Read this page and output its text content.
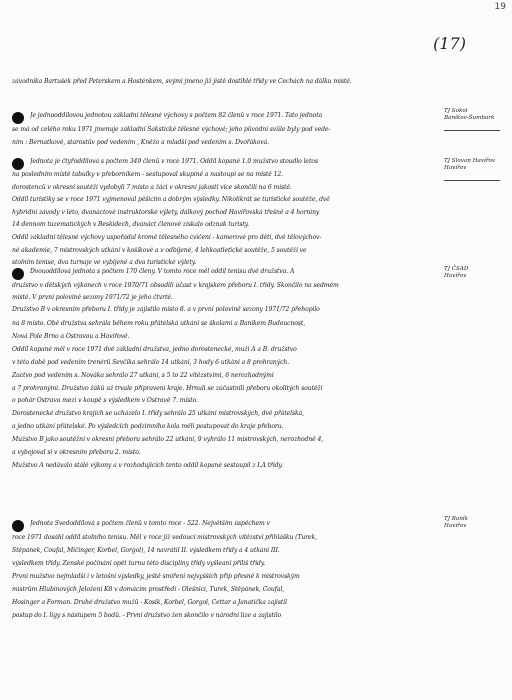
19
(17)
závodníka Bartušek před Peterskem a Hosténkem, svými jmeno již jistě dostihlé třídy ve Čechách na dálku místě.
Je jednooddílovou jednotou základní tělesné výchovy s počtem 82 členů v roce 1971. Tato jednota
se má od celého roku 1971 jmenuje základní Šakstické tělesné výchově; jeho původní svůle byly pod vede-
ním : Bernatkové, starostův pod vedením , Kněžo a mladší pod vedením s. Dvořáková.
Jednota je čtyřoddílová s počtem 349 členů v roce 1971. Oddíl kopané 1.0 mužstvo stoudlo letos
na posledním místě tabulky v přeborníkem - sestupoval skupině a nastoupí se na místě 12.
dorostenců v okresní soutěži vydobyli 7 místo a žáci v okresní jakostí více skončili na 6 místě.
Oddíl turistiky se v roce 1971 vyjmenoval pěšicím a dobrým výsledky. Nikolikrát se turistické soutěže, dvě
hybridní závody v léto, dvanáctové instruktorské výlety, dálkový pochod Havířovská třešně a 4 horniny
14 dennom tuzematických v Beskidech, dvanáct členové získalo odznak turisty.
Oddíl základní tělesné výchovy uspořádal kromě tělesného cvičení - kamerové pro děti, dvě tělovýchov-
né akademie, 7 mistrovských utkání v košíkové a v odbíjené, 4 lehkoatletické soutěže, 5 soutěží ve
stolním tenise, dva turnaje ve vybíjené a dva turistické výlety.
Dvouoddílová jednota s počtem 170 členy. V tomto roce měl oddíl tenisu dvě družstva. A
družstvo v dětských výkonech v roce 1970/71 obsadili účast v krajském přeboru I. třídy. Skončilo na sedmém
místě. V první polovině sezony 1971/72 je jeho čtvrté.
Družstvo B v okresním přeboru I. třídy je zajistilo místo 8. a v první polovině sezony 1971/72 přehopilo
na 8 místo. Obě družstva sehrála během roku přátelská utkání se školami a Baníkem Budoucnost,
Nová Pole Brno a Ostravou a Havířově.
Oddíl kopané měl v roce 1971 dvě základní družstva, jedno dorostenecké, muži A a B. družstvo
v této době pod vedením trenérů Sevčíka sehrálo 14 utkání, 3 hody 6 utkání a 8 prohraných.
Žactvo pod vedením s. Nováka sehrálo 27 utkání, s 5 to 22 vítězstvími, 6 nerozhodnými
a 7 prohranými. Družstvo žáků už trvale připraveni kraje. Hrnuli se zúčastnili přeboru okolitých soutěží
o pohár Ostrava mezi v koupě s výsledkem v Ostravě 7. místo.
Dorostenecké družstvo krajích se ucházelo I. třídy sehrálo 25 utkání mistrovských, dvě přátelská,
a jedno utkání přátelské. Po výsledcích podzimního kola měli postupovat do kraje přeboru.
Mužstvo B jako soutěžní v okresní přeboru sehrálo 22 utkání, 9 vyhrálo 11 mistrovských, nerozhodně 4,
a vybojoval si v okresním přeboru 2. místo.
Mužstvo A nedávalo stálé výkony a v rozhodujících tento oddíl kopané sestoupil z I.A třídy.
Jednota Švedoddílová s počtem členů v tomto roce - 522. Největším úspěchem v
roce 1971 dosáhl oddíl stolního tenisu. Měl v roce již vedoucí mistrovských vítězství přihlášku (Turek,
Štěpánek, Coufal, Mičinger, Korbel, Gorgol), 14 navrátil II. výsledkem třídy a 4 utkání III.
výsledkem třídy. Ženské počínání opět turnu této disciplíny třídy vyšleaní příliš třídy.
První mužstvo nejmladší i v letošní výsledky, ještě smíření nejvyšších příp přesně k mistrovským
mistrům Hlubinových Jeložení K8 v domácím prostředí - Olešnici, Turek, Štěpánek, Coufal,
Hosinger a Forman. Druhé družstvo mužů - Kosik, Korbel, Gorgol, Cettar a Janatička zajistil
postup do I. ligy s nástupem 5 bodů. - První družstvo žen skončilo v národní lize a zajistilo
TJ Sokol
Baníkov-Šumbark
TJ Slovan Havířov
Havířov
TJ ČSAD
Havířov
TJ Baník
Havířov
